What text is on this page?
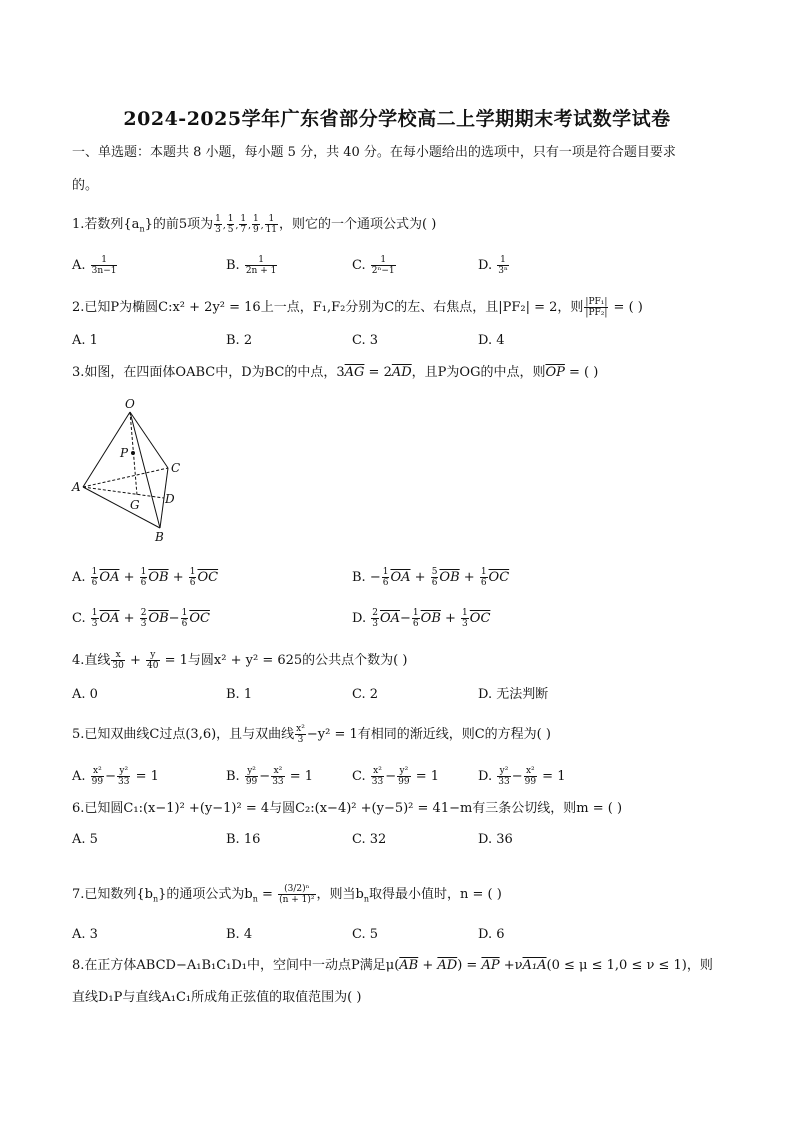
2024-2025学年广东省部分学校高二上学期期末考试数学试卷
一、单选题：本题共 8 小题，每小题 5 分，共 40 分。在每小题给出的选项中，只有一项是符合题目要求
的。
1.若数列$\{a_n\}$的前5项为 $\frac{1}{3}$ , $\frac{1}{5}$ , $\frac{1}{7}$ , $\frac{1}{9}$ , $\frac{1}{11}$ ，则它的一个通项公式为( )
A. $\frac{1}{3n-1}$	B. $\frac{1}{2n + 1}$	C. $\frac{1}{\text{2ⁿ−1}}$	D. $\frac{1}{\text{3ⁿ}}$
2.已知P为椭圆C:x² + 2y² = 16上一点，F₁,F₂分别为C的左、右焦点，且|PF₂| = 2，则 $\frac{\text{|PF₁|}}{\text{|PF₂|}}$ = ( )
A. 1	B. 2	C. 3	D. 4
3.如图，在四面体OABC中，D为BC的中点，$3\overline{AG} = 2\overline{AD}$，且P为OG的中点，则$\overline{OP}$ = ( )
O
P
C
A
G D
B
A. $\frac{1}{6} \overline{OA} + \frac{1}{6} \overline{OB} + \frac{1}{6} \overline{OC}$	B. − $\frac{1}{6} \overline{OA} + \frac{5}{6} \overline{OB} + \frac{1}{6} \overline{OC}$
C. $\frac{1}{3} \overline{OA} + \frac{2}{3} \overline{OB}- \frac{1}{6} \overline{OC}$	D. $\frac{2}{3} \overline{OA}- \frac{1}{6} \overline{OB} + \frac{1}{3} \overline{OC}$
4.直线 $\frac{x}{30} + \frac{y}{40} = 1$与圆x² + y² = 625的公共点个数为( )
A. 0	B. 1	C. 2	D. 无法判断
5.已知双曲线C过点(3,6)，且与双曲线 $\frac{\text{x²}}{3} -y^2 = 1$有相同的渐近线，则C的方程为( )
A. $\frac{\text{x²}}{99} - \frac{\text{y²}}{33} = 1$	B. $\frac{\text{y²}}{99} - \frac{\text{x²}}{33} = 1$	C. $\frac{\text{x²}}{33} - \frac{\text{y²}}{99} = 1$	D. $\frac{\text{y²}}{33} - \frac{\text{x²}}{99} = 1$
6.已知圆C₁:(x−1)² +(y−1)² = 4与圆C₂:(x−4)² +(y−5)² = 41−m有三条公切线，则m = ( )
A. 5	B. 16	C. 32	D. 36
7.已知数列$\{b_n\}$的通项公式为$b_n = \frac{\text{(3/2)ⁿ}}{\text{(n + 1)²}}$ ，则当$b_n$取得最小值时，n = ( )
A. 3	B. 4	C. 5	D. 6
8.在正方体ABCD−A₁B₁C₁D₁中，空间中一动点P满足$\mu(\overline{AB} + \overline{AD}) = \overline{AP} +\nu A_1A(0 \le \mu \le 1,0 \le \nu \le 1)$，则
直线D₁P与直线A₁C₁所成角正弦值的取值范围为( )
